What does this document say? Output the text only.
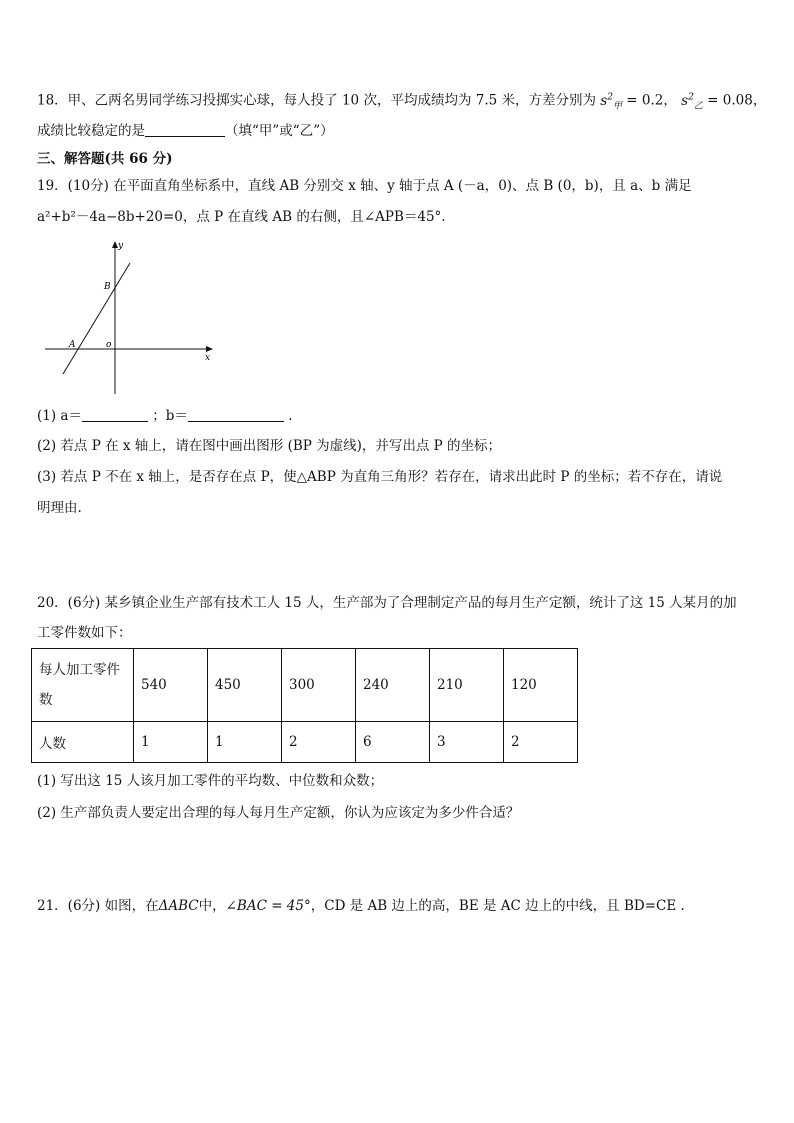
18．甲、乙两名男同学练习投掷实心球，每人投了 10 次，平均成绩均为 7.5 米，方差分别为 $s^2_甲 = 0.2$， $s^2_乙 = 0.08$，
成绩比较稳定的是	（填“甲”或“乙”）
三、解答题(共 66 分)
19．(10分) 在平面直角坐标系中，直线 AB 分别交 x 轴、y 轴于点 A (－a，0)、点 B (0，b)，且 a、b 满足
a²+b²－4a−8b+20=0，点 P 在直线 AB 的右侧，且∠APB＝45°.
y
x
B
A	o
(1) a＝	；b＝	.
(2) 若点 P 在 x 轴上，请在图中画出图形 (BP 为虚线)，并写出点 P 的坐标；
(3) 若点 P 不在 x 轴上，是否存在点 P，使△ABP 为直角三角形？若存在，请求出此时 P 的坐标；若不存在，请说
明理由.
20．(6分) 某乡镇企业生产部有技术工人 15 人，生产部为了合理制定产品的每月生产定额，统计了这 15 人某月的加
工零件数如下：
每人加工零件
数	540	450	300	240	210	120
人数	1	1	2	6	3	2
(1) 写出这 15 人该月加工零件的平均数、中位数和众数；
(2) 生产部负责人要定出合理的每人每月生产定额，你认为应该定为多少件合适？
21．(6分) 如图，在ΔABC中，∠BAC = 45°，CD 是 AB 边上的高，BE 是 AC 边上的中线，且 BD=CE .
